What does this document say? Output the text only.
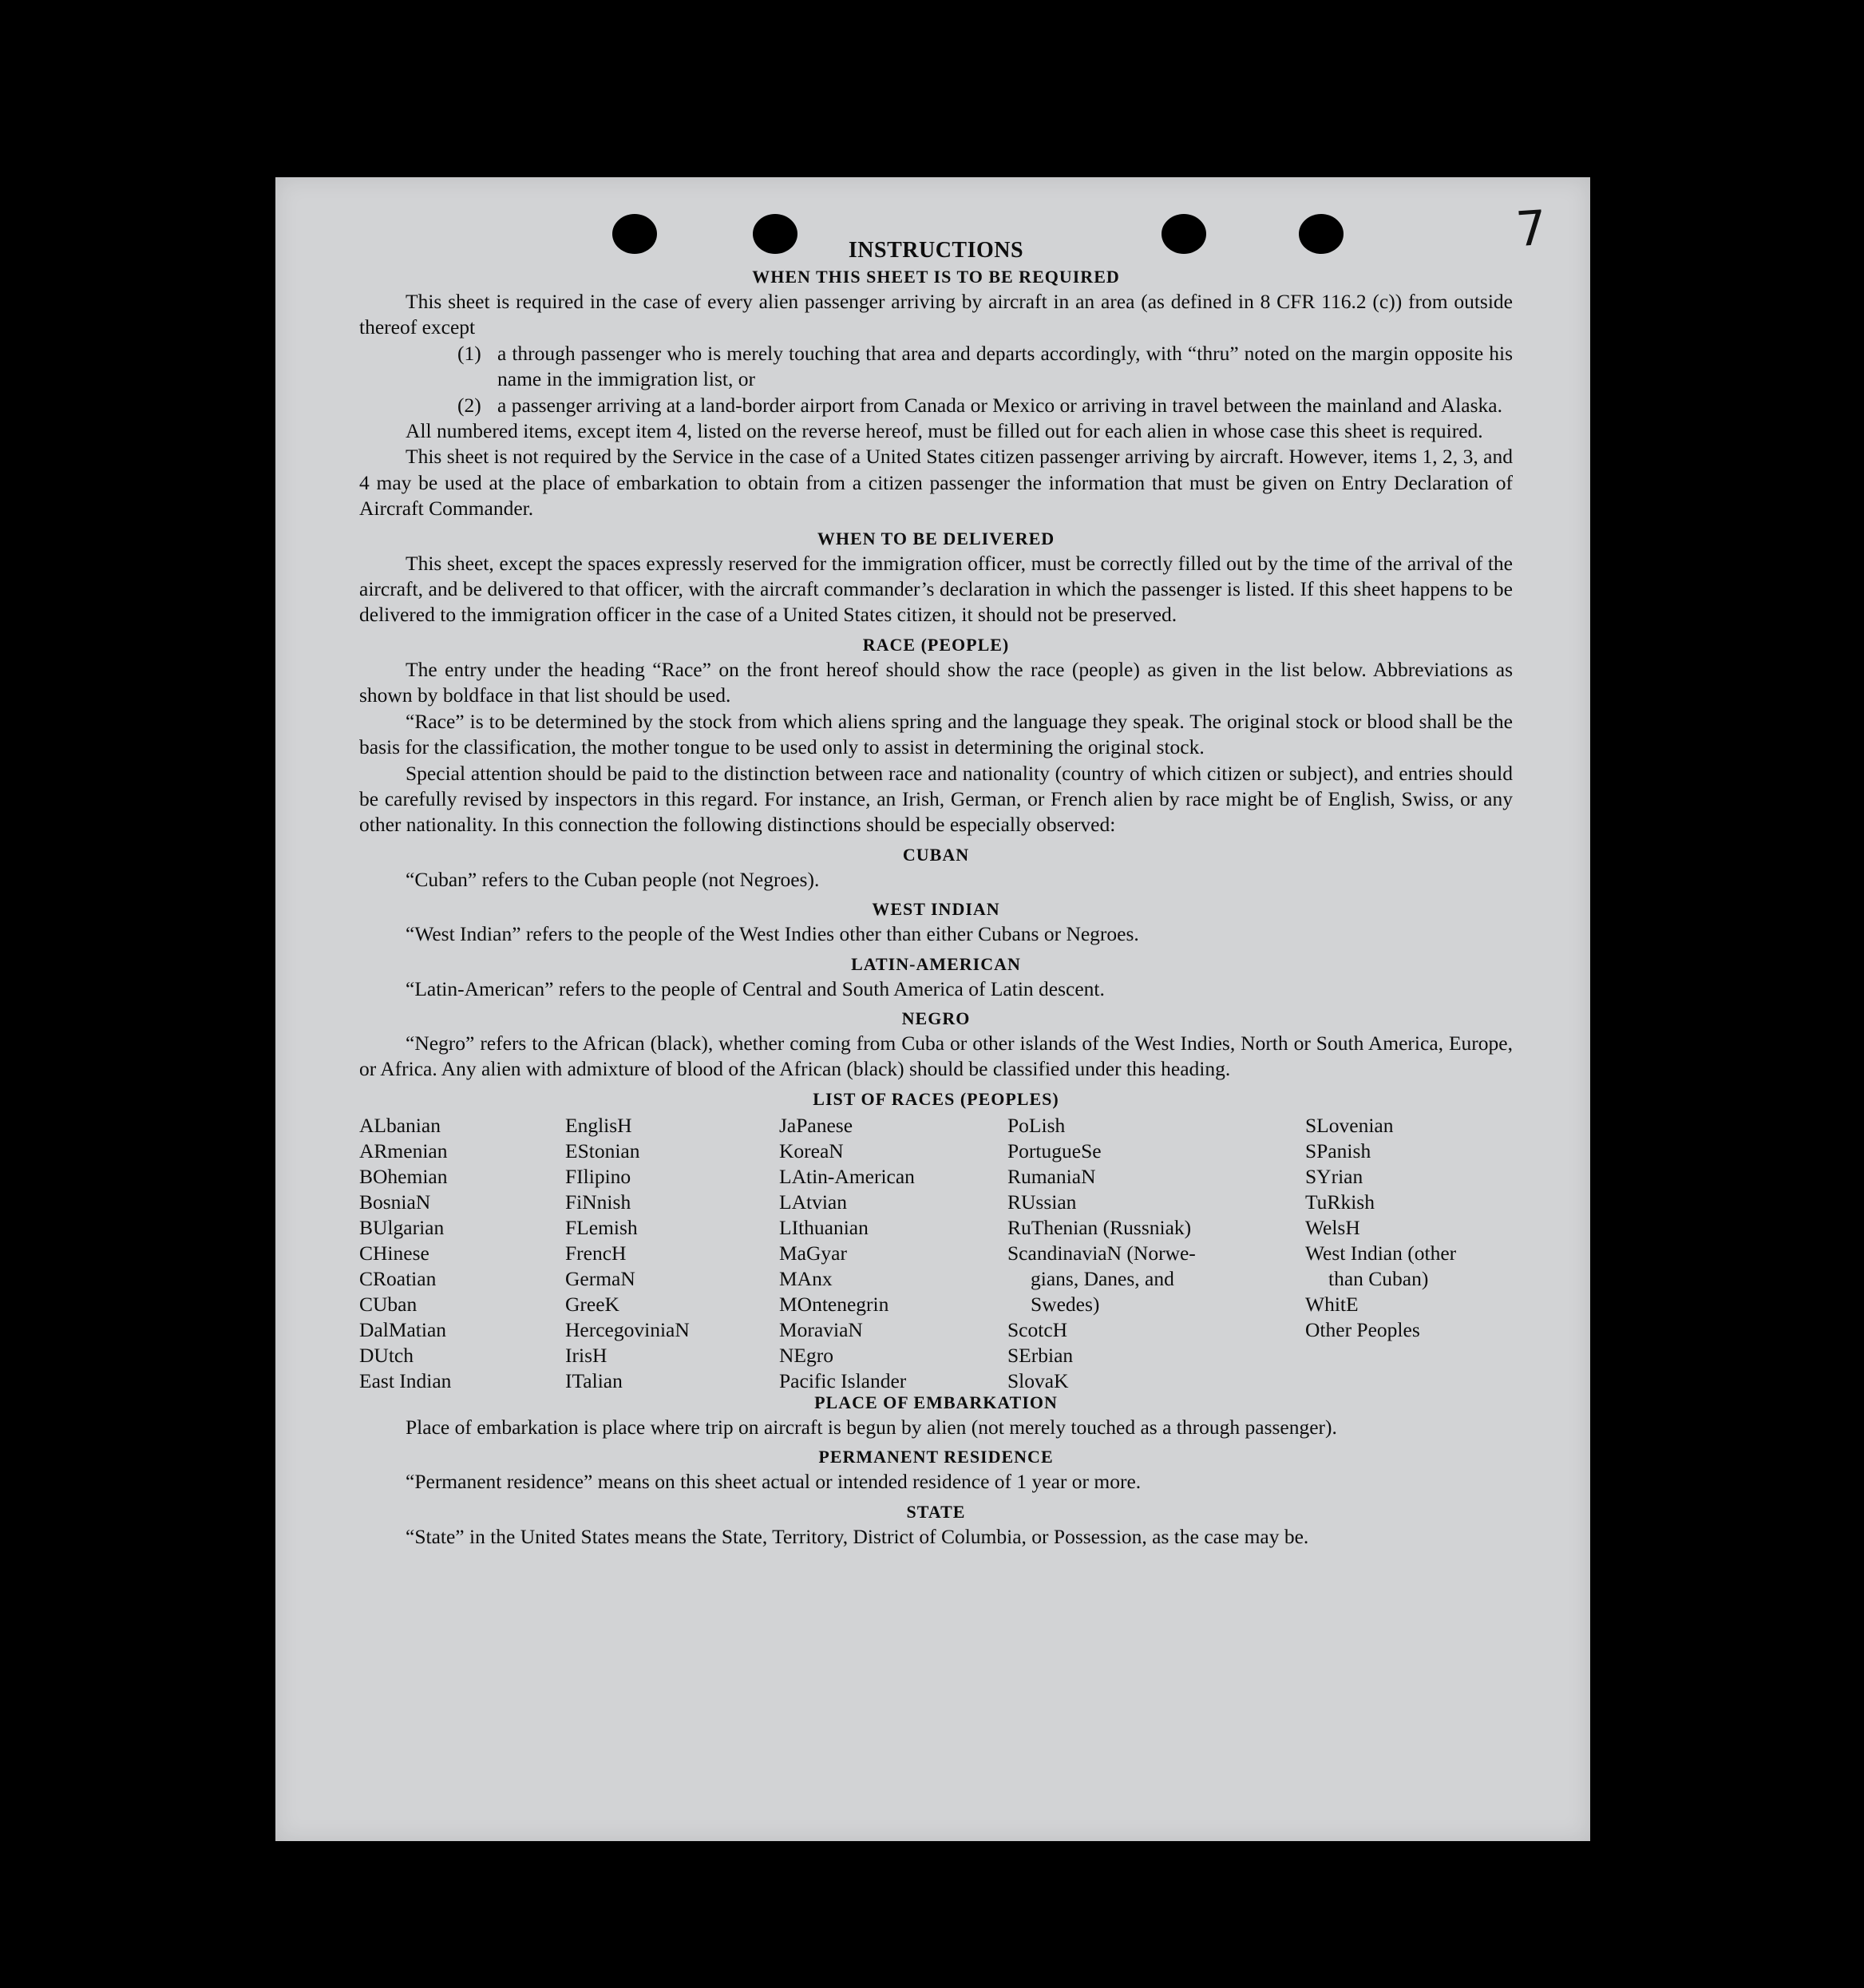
7
INSTRUCTIONS
WHEN THIS SHEET IS TO BE REQUIRED

This sheet is required in the case of every alien passenger arriving by aircraft in an area (as defined in 8 CFR 116.2 (c)) from outside thereof except

(1) a through passenger who is merely touching that area and departs accordingly, with “thru” noted on the margin opposite his name in the immigration list, or

(2) a passenger arriving at a land-border airport from Canada or Mexico or arriving in travel between the mainland and Alaska.

All numbered items, except item 4, listed on the reverse hereof, must be filled out for each alien in whose case this sheet is required.

This sheet is not required by the Service in the case of a United States citizen passenger arriving by aircraft. However, items 1, 2, 3, and 4 may be used at the place of embarkation to obtain from a citizen passenger the information that must be given on Entry Declaration of Aircraft Commander.

WHEN TO BE DELIVERED

This sheet, except the spaces expressly reserved for the immigration officer, must be correctly filled out by the time of the arrival of the aircraft, and be delivered to that officer, with the aircraft commander’s declaration in which the passenger is listed. If this sheet happens to be delivered to the immigration officer in the case of a United States citizen, it should not be preserved.

RACE (PEOPLE)

The entry under the heading “Race” on the front hereof should show the race (people) as given in the list below. Abbreviations as shown by boldface in that list should be used.

“Race” is to be determined by the stock from which aliens spring and the language they speak. The original stock or blood shall be the basis for the classification, the mother tongue to be used only to assist in determining the original stock.

Special attention should be paid to the distinction between race and nationality (country of which citizen or subject), and entries should be carefully revised by inspectors in this regard. For instance, an Irish, German, or French alien by race might be of English, Swiss, or any other nationality. In this connection the following distinctions should be especially observed:

CUBAN

“Cuban” refers to the Cuban people (not Negroes).

WEST INDIAN

“West Indian” refers to the people of the West Indies other than either Cubans or Negroes.

LATIN-AMERICAN

“Latin-American” refers to the people of Central and South America of Latin descent.

NEGRO

“Negro” refers to the African (black), whether coming from Cuba or other islands of the West Indies, North or South America, Europe, or Africa. Any alien with admixture of blood of the African (black) should be classified under this heading.

LIST OF RACES (PEOPLES)
ALbanian
ARmenian
BOhemian
BosniaN
BUlgarian
CHinese
CRoatian
CUban
DalMatian
DUtch
East Indian
EnglisH
EStonian
FIlipino
FiNnish
FLemish
FrencH
GermaN
GreeK
HercegoviniaN
IrisH
ITalian
JaPanese
KoreaN
LAtin-American
LAtvian
LIthuanian
MaGyar
MAnx
MOntenegrin
MoraviaN
NEgro
Pacific Islander
PoLish
PortugueSe
RumaniaN
RUssian
RuThenian (Russniak)
ScandinaviaN (Norwe-
gians, Danes, and
Swedes)
ScotcH
SErbian
SlovaK
SLovenian
SPanish
SYrian
TuRkish
WelsH
West Indian (other
than Cuban)
WhitE
Other Peoples
PLACE OF EMBARKATION

Place of embarkation is place where trip on aircraft is begun by alien (not merely touched as a through passenger).

PERMANENT RESIDENCE

“Permanent residence” means on this sheet actual or intended residence of 1 year or more.

STATE

“State” in the United States means the State, Territory, District of Columbia, or Possession, as the case may be.
